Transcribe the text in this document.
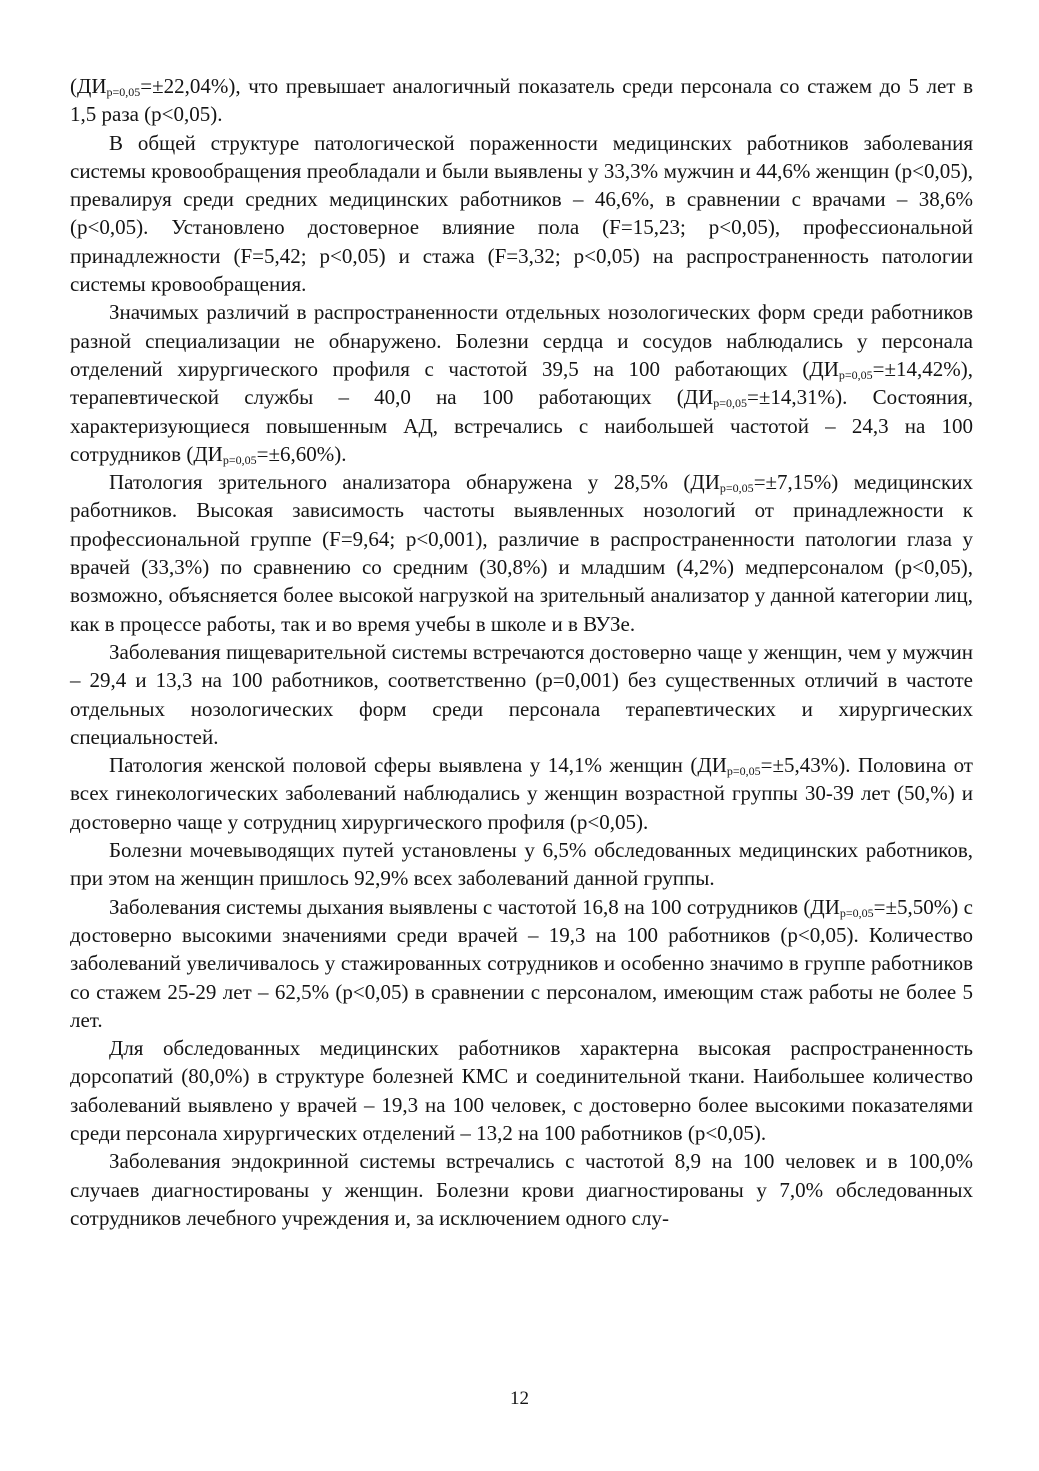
$(ДИ_{p=0,05}=\pm 22,04\%)$, что превышает аналогичный показатель среди персонала со стажем до 5 лет в 1,5 раза (p<0,05).

В общей структуре патологической пораженности медицинских работников заболевания системы кровообращения преобладали и были выявлены у 33,3% мужчин и 44,6% женщин (p<0,05), превалируя среди средних медицинских работников – 46,6%, в сравнении с врачами – 38,6% (p<0,05). Установлено достоверное влияние пола (F=15,23; p<0,05), профессиональной принадлежности (F=5,42; p<0,05) и стажа (F=3,32; p<0,05) на распространенность патологии системы кровообращения.

Значимых различий в распространенности отдельных нозологических форм среди работников разной специализации не обнаружено. Болезни сердца и сосудов наблюдались у персонала отделений хирургического профиля с частотой 39,5 на 100 работающих $(ДИ_{p=0,05}=\pm 14,42\%)$, терапевтической службы – 40,0 на 100 работающих $(ДИ_{p=0,05}=\pm 14,31\%)$. Состояния, характеризующиеся повышенным АД, встречались с наибольшей частотой – 24,3 на 100 сотрудников $(ДИ_{p=0,05}=\pm 6,60\%)$.

Патология зрительного анализатора обнаружена у 28,5% $(ДИ_{p=0,05}=\pm 7,15\%)$ медицинских работников. Высокая зависимость частоты выявленных нозологий от принадлежности к профессиональной группе (F=9,64; p<0,001), различие в распространенности патологии глаза у врачей (33,3%) по сравнению со средним (30,8%) и младшим (4,2%) медперсоналом (p<0,05), возможно, объясняется более высокой нагрузкой на зрительный анализатор у данной категории лиц, как в процессе работы, так и во время учебы в школе и в ВУЗе.

Заболевания пищеварительной системы встречаются достоверно чаще у женщин, чем у мужчин – 29,4 и 13,3 на 100 работников, соответственно (p=0,001) без существенных отличий в частоте отдельных нозологических форм среди персонала терапевтических и хирургических специальностей.

Патология женской половой сферы выявлена у 14,1% женщин $(ДИ_{p=0,05}=\pm 5,43\%)$. Половина от всех гинекологических заболеваний наблюдались у женщин возрастной группы 30-39 лет (50,%) и достоверно чаще у сотрудниц хирургического профиля (p<0,05).

Болезни мочевыводящих путей установлены у 6,5% обследованных медицинских работников, при этом на женщин пришлось 92,9% всех заболеваний данной группы.

Заболевания системы дыхания выявлены с частотой 16,8 на 100 сотрудников $(ДИ_{p=0,05}=\pm 5,50\%)$ с достоверно высокими значениями среди врачей – 19,3 на 100 работников (p<0,05). Количество заболеваний увеличивалось у стажированных сотрудников и особенно значимо в группе работников со стажем 25-29 лет – 62,5% (p<0,05) в сравнении с персоналом, имеющим стаж работы не более 5 лет.

Для обследованных медицинских работников характерна высокая распространенность дорсопатий (80,0%) в структуре болезней КМС и соединительной ткани. Наибольшее количество заболеваний выявлено у врачей – 19,3 на 100 человек, с достоверно более высокими показателями среди персонала хирургических отделений – 13,2 на 100 работников (p<0,05).

Заболевания эндокринной системы встречались с частотой 8,9 на 100 человек и в 100,0% случаев диагностированы у женщин. Болезни крови диагностированы у 7,0% обследованных сотрудников лечебного учреждения и, за исключением одного слу-

12
